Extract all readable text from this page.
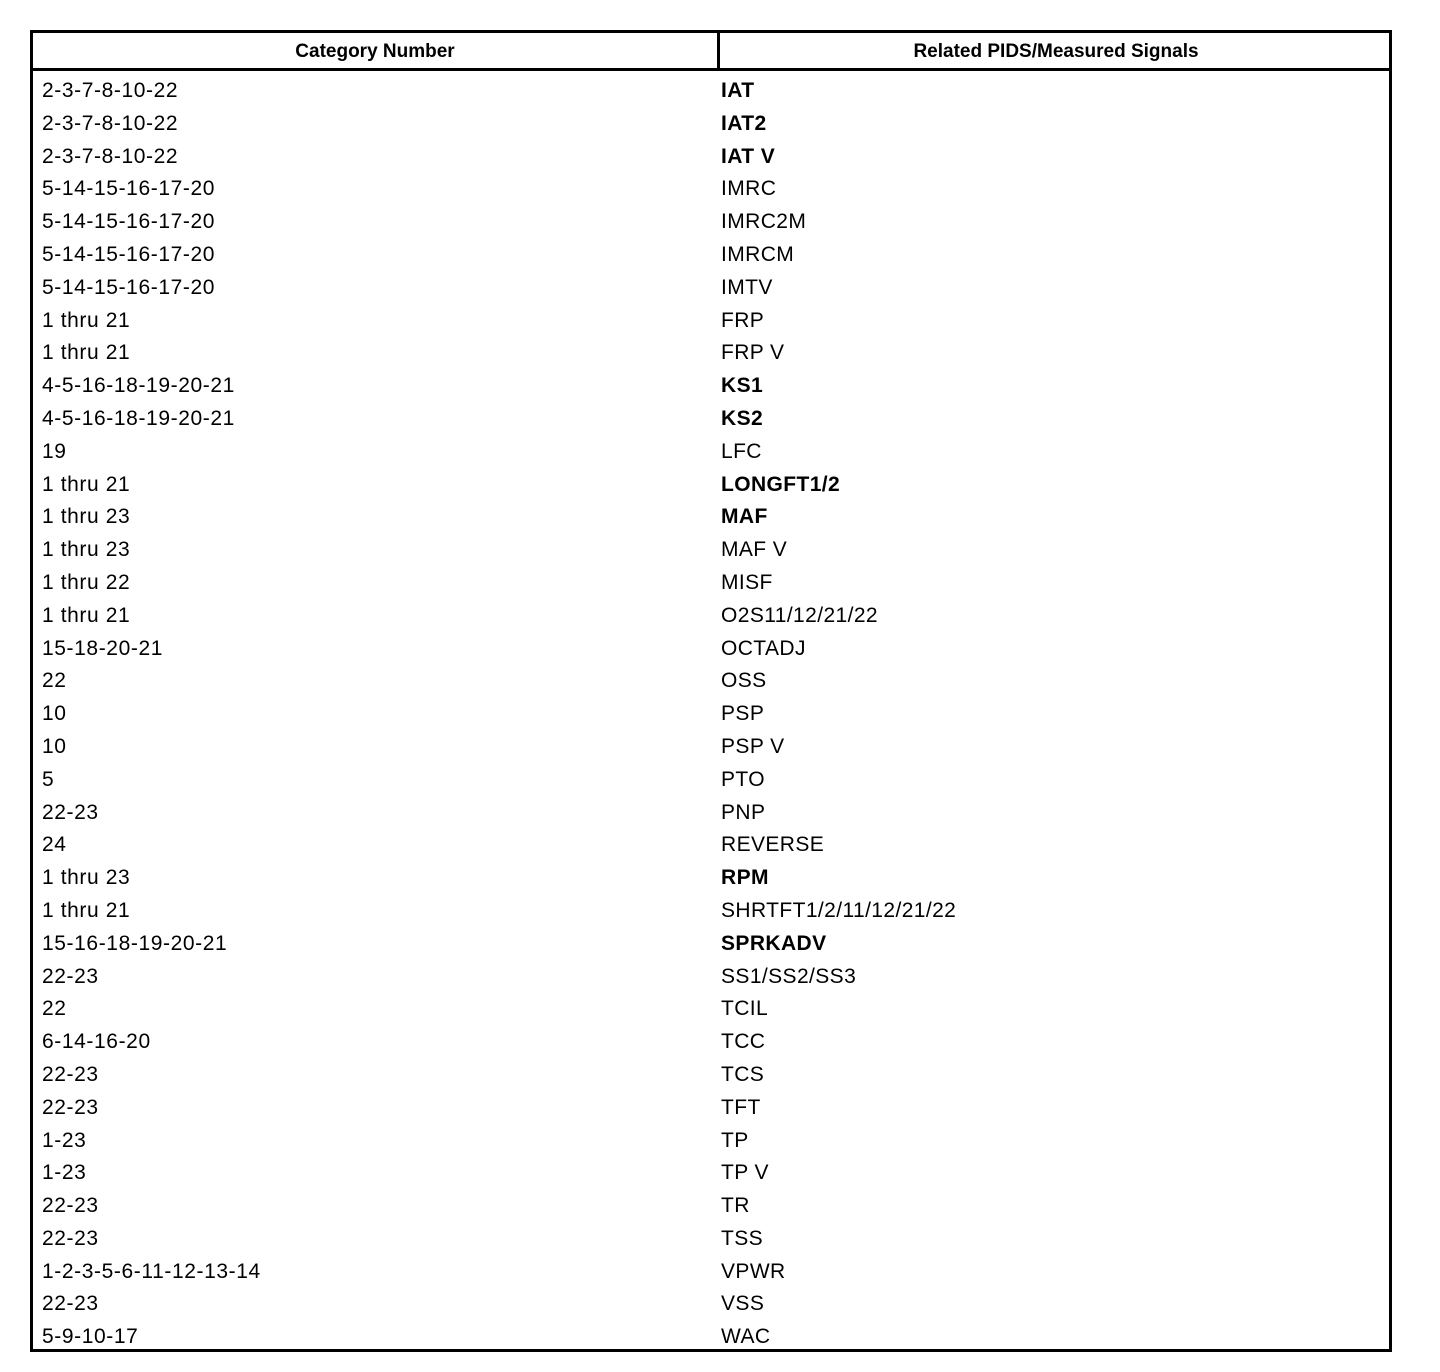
Category Number	Related PIDS/Measured Signals
2-3-7-8-10-22	IAT
2-3-7-8-10-22	IAT2
2-3-7-8-10-22	IAT V
5-14-15-16-17-20	IMRC
5-14-15-16-17-20	IMRC2M
5-14-15-16-17-20	IMRCM
5-14-15-16-17-20	IMTV
1 thru 21	FRP
1 thru 21	FRP V
4-5-16-18-19-20-21	KS1
4-5-16-18-19-20-21	KS2
19	LFC
1 thru 21	LONGFT1/2
1 thru 23	MAF
1 thru 23	MAF V
1 thru 22	MISF
1 thru 21	O2S11/12/21/22
15-18-20-21	OCTADJ
22	OSS
10	PSP
10	PSP V
5	PTO
22-23	PNP
24	REVERSE
1 thru 23	RPM
1 thru 21	SHRTFT1/2/11/12/21/22
15-16-18-19-20-21	SPRKADV
22-23	SS1/SS2/SS3
22	TCIL
6-14-16-20	TCC
22-23	TCS
22-23	TFT
1-23	TP
1-23	TP V
22-23	TR
22-23	TSS
1-2-3-5-6-11-12-13-14	VPWR
22-23	VSS
5-9-10-17	WAC
